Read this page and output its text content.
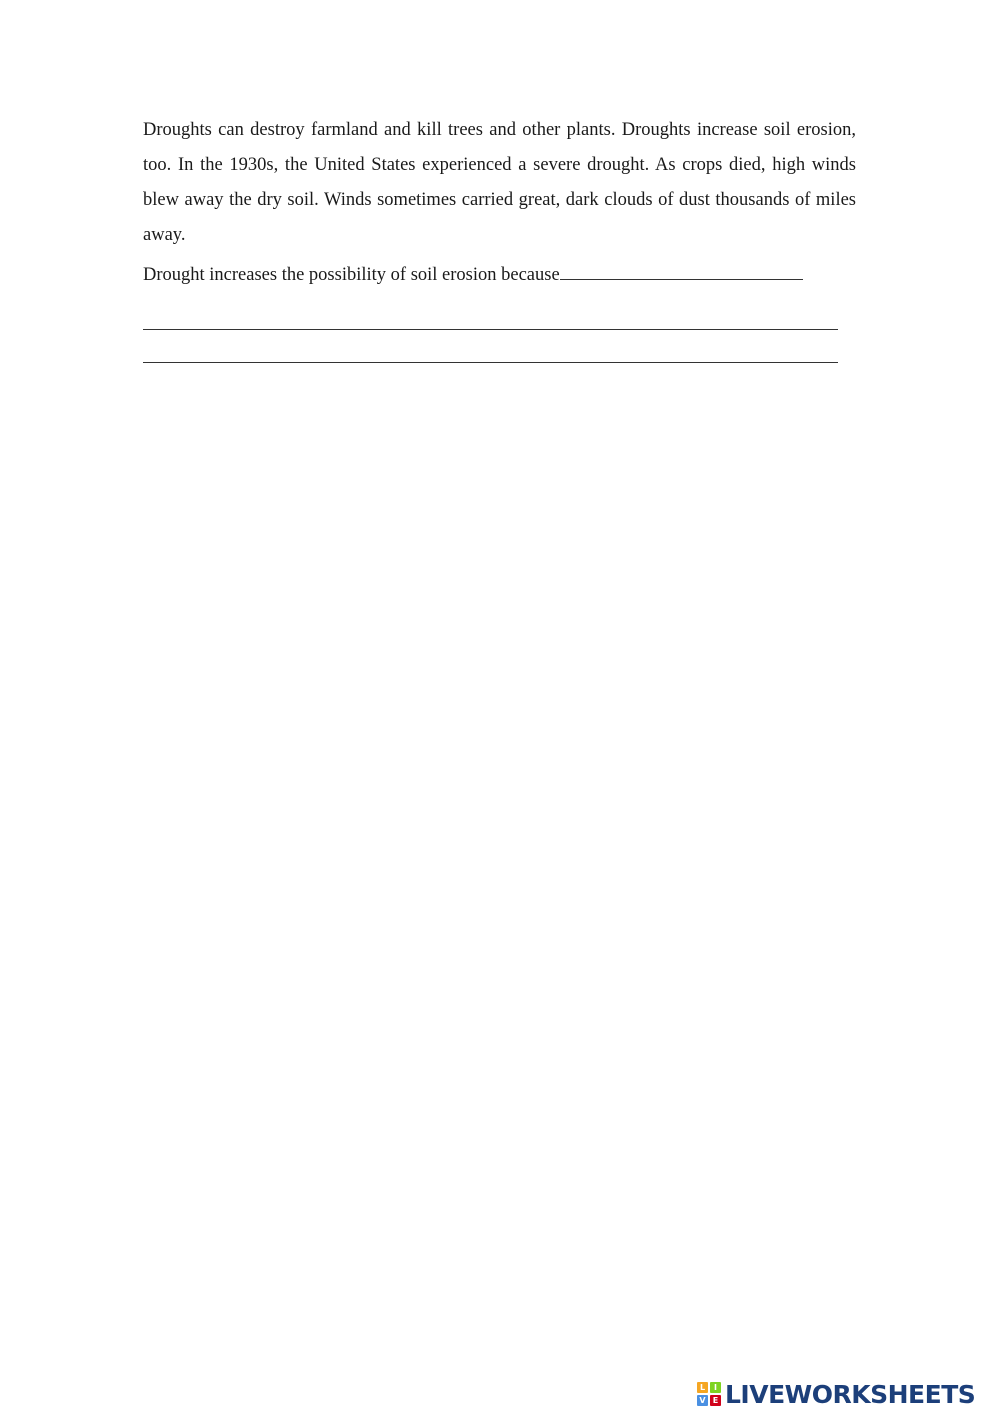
Droughts can destroy farmland and kill trees and other plants. Droughts increase soil erosion, too. In the 1930s, the United States experienced a severe drought. As crops died, high winds blew away the dry soil. Winds sometimes carried great, dark clouds of dust thousands of miles away.

Drought increases the possibility of soil erosion because
L	I
V E LIVEWORKSHEETS
